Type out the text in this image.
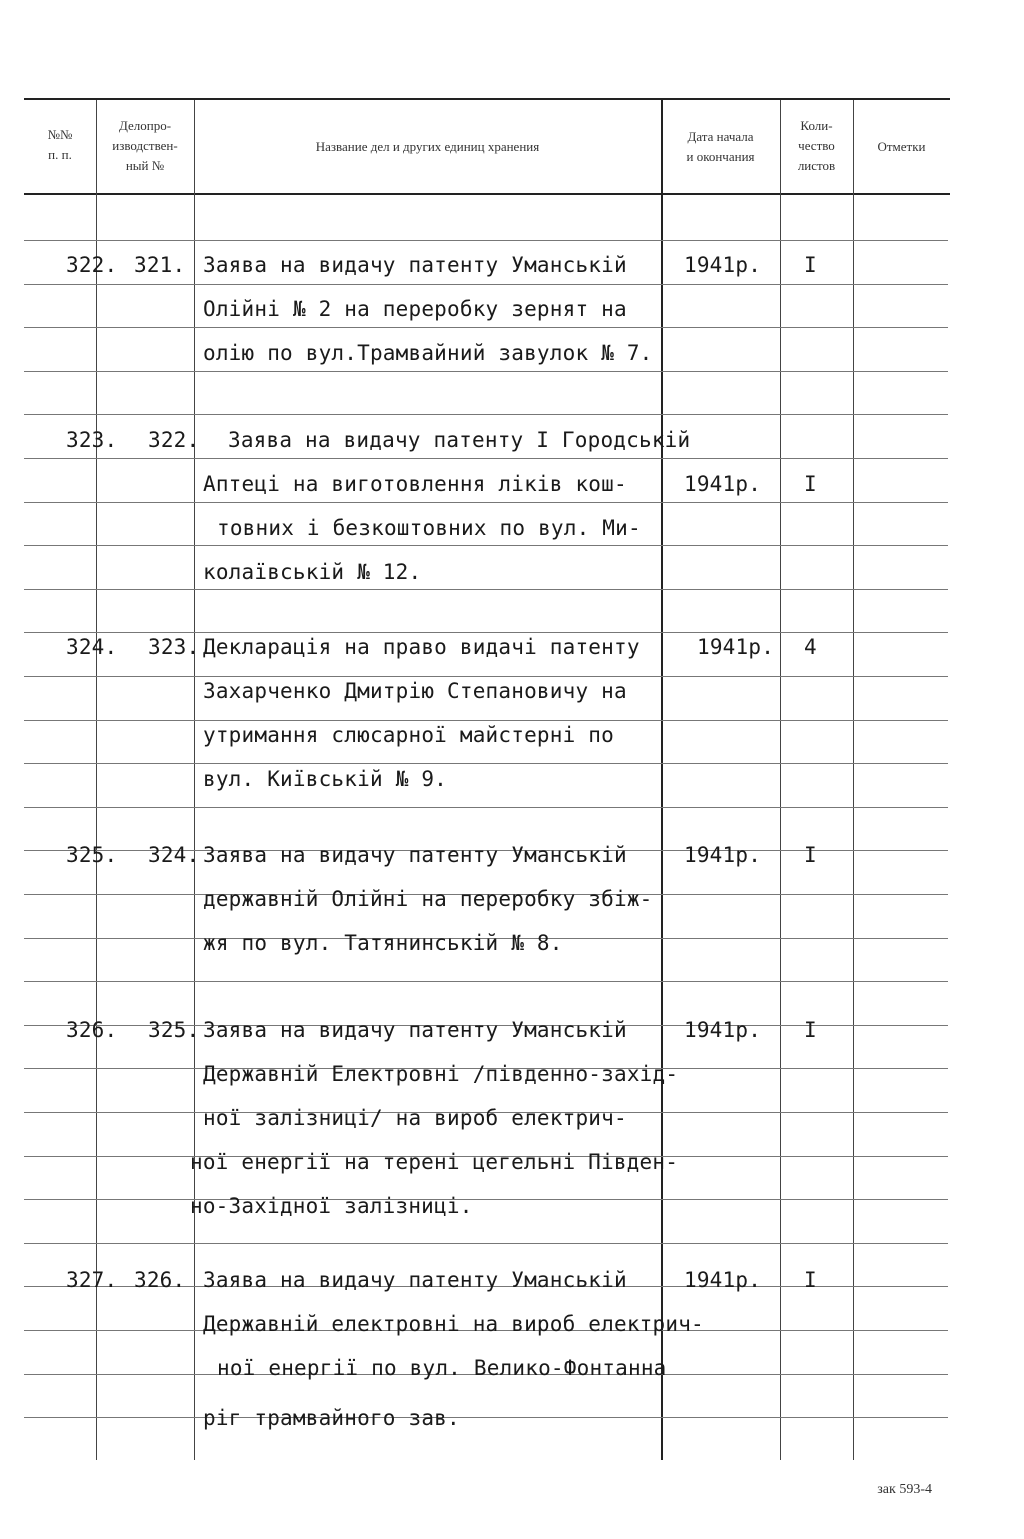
№№
п. п.
Делопро-
изводствен-
ный №
Название дел и других единиц хранения
Дата начала
и окончания
Коли-
чество
листов
Отметки
322. 321. Заява на видачу патенту Уманській
Олійні № 2 на переробку зернят на
олію по вул.Трамвайний завулок № 7.
1941р. I
323. 322. Заява на видачу патенту I Городській
Аптеці на виготовлення ліків кош-
товних і безкоштовних по вул. Ми-
колаївській № 12.
1941р. I
324. 323. Декларація на право видачі патенту
Захарченко Дмитрію Степановичу на
утримання слюсарної майстерні по
вул. Київській № 9.
1941р. 4
325. 324. Заява на видачу патенту Уманській
державній Олійні на переробку збіж-
жя по вул. Татянинській № 8.
1941р. I
326. 325. Заява на видачу патенту Уманській
Державній Електровні /південно-захід-
ної залізниці/ на вироб електрич-
ної енергії на терені цегельні Півден-
но-Західної залізниці.
1941р. I
327. 326. Заява на видачу патенту Уманській
Державній електровні на вироб електрич-
ної енергії по вул. Велико-Фонтанна
ріг трамвайного зав.
1941р. I
зак 593-4
